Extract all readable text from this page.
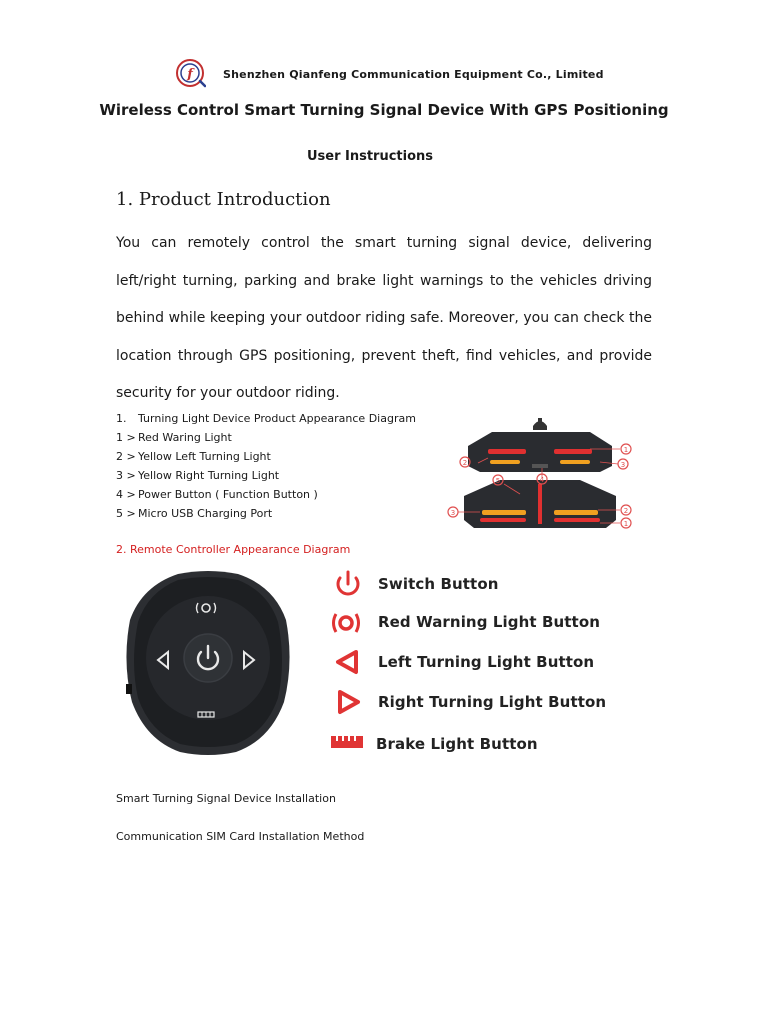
f	Shenzhen Qianfeng Communication Equipment Co., Limited
Wireless Control Smart Turning Signal Device With GPS Positioning
User Instructions
1. Product Introduction

You can remotely control the smart turning signal device, delivering left/right turning, parking and brake light warnings to the vehicles driving behind while keeping your outdoor riding safe. Moreover, you can check the location through GPS positioning, prevent theft, find vehicles, and provide security for your outdoor riding.

1. Turning Light Device Product Appearance Diagram
1 > Red Waring Light
2 > Yellow Left Turning Light
3 > Yellow Right Turning Light
4 > Power Button ( Function Button )
5 > Micro USB Charging Port
1
2	3
4
5
3	2
1
2. Remote Controller Appearance Diagram
Switch Button
Red Warning Light Button
Left Turning Light Button
Right Turning Light Button
Brake Light Button
Smart Turning Signal Device Installation
Communication SIM Card Installation Method
